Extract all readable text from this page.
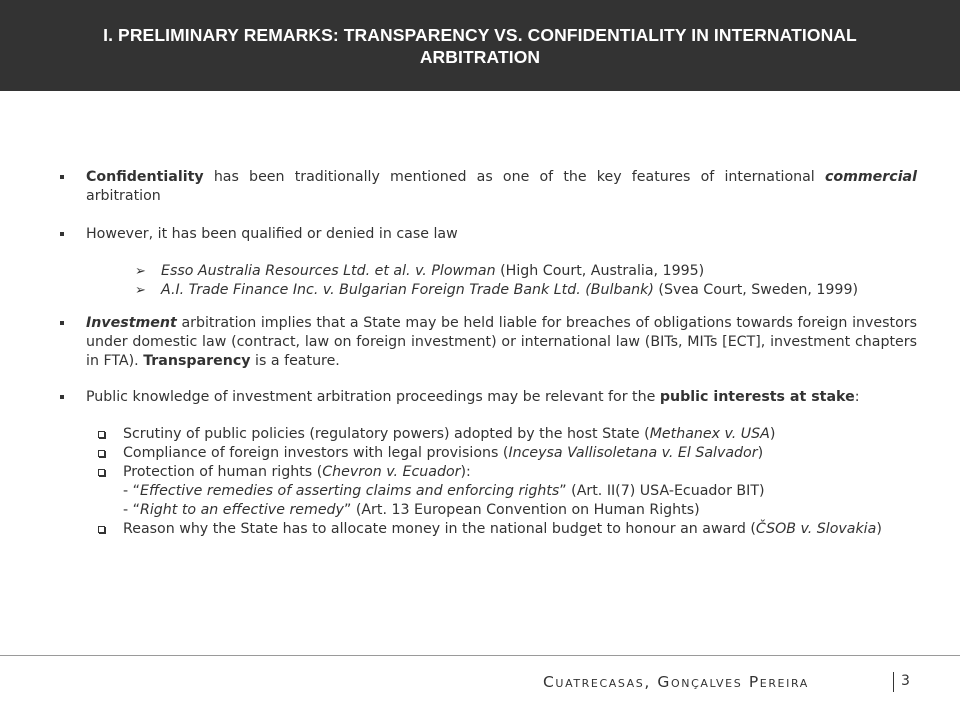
I. PRELIMINARY REMARKS: TRANSPARENCY VS. CONFIDENTIALITY IN INTERNATIONAL ARBITRATION
Confidentiality has been traditionally mentioned as one of the key features of international commercial arbitration
However, it has been qualified or denied in case law
➢ Esso Australia Resources Ltd. et al. v. Plowman (High Court, Australia, 1995)
➢ A.I. Trade Finance Inc. v. Bulgarian Foreign Trade Bank Ltd. (Bulbank) (Svea Court, Sweden, 1999)
Investment arbitration implies that a State may be held liable for breaches of obligations towards foreign investors under domestic law (contract, law on foreign investment) or international law (BITs, MITs [ECT], investment chapters in FTA). Transparency is a feature.
Public knowledge of investment arbitration proceedings may be relevant for the public interests at stake:
Scrutiny of public policies (regulatory powers) adopted by the host State (Methanex v. USA)
Compliance of foreign investors with legal provisions (Inceysa Vallisoletana v. El Salvador)
Protection of human rights (Chevron v. Ecuador):
- “Effective remedies of asserting claims and enforcing rights” (Art. II(7) USA-Ecuador BIT)
- “Right to an effective remedy” (Art. 13 European Convention on Human Rights)
Reason why the State has to allocate money in the national budget to honour an award (ČSOB v. Slovakia)
Cuatrecasas, Gonçalves Pereira	3
